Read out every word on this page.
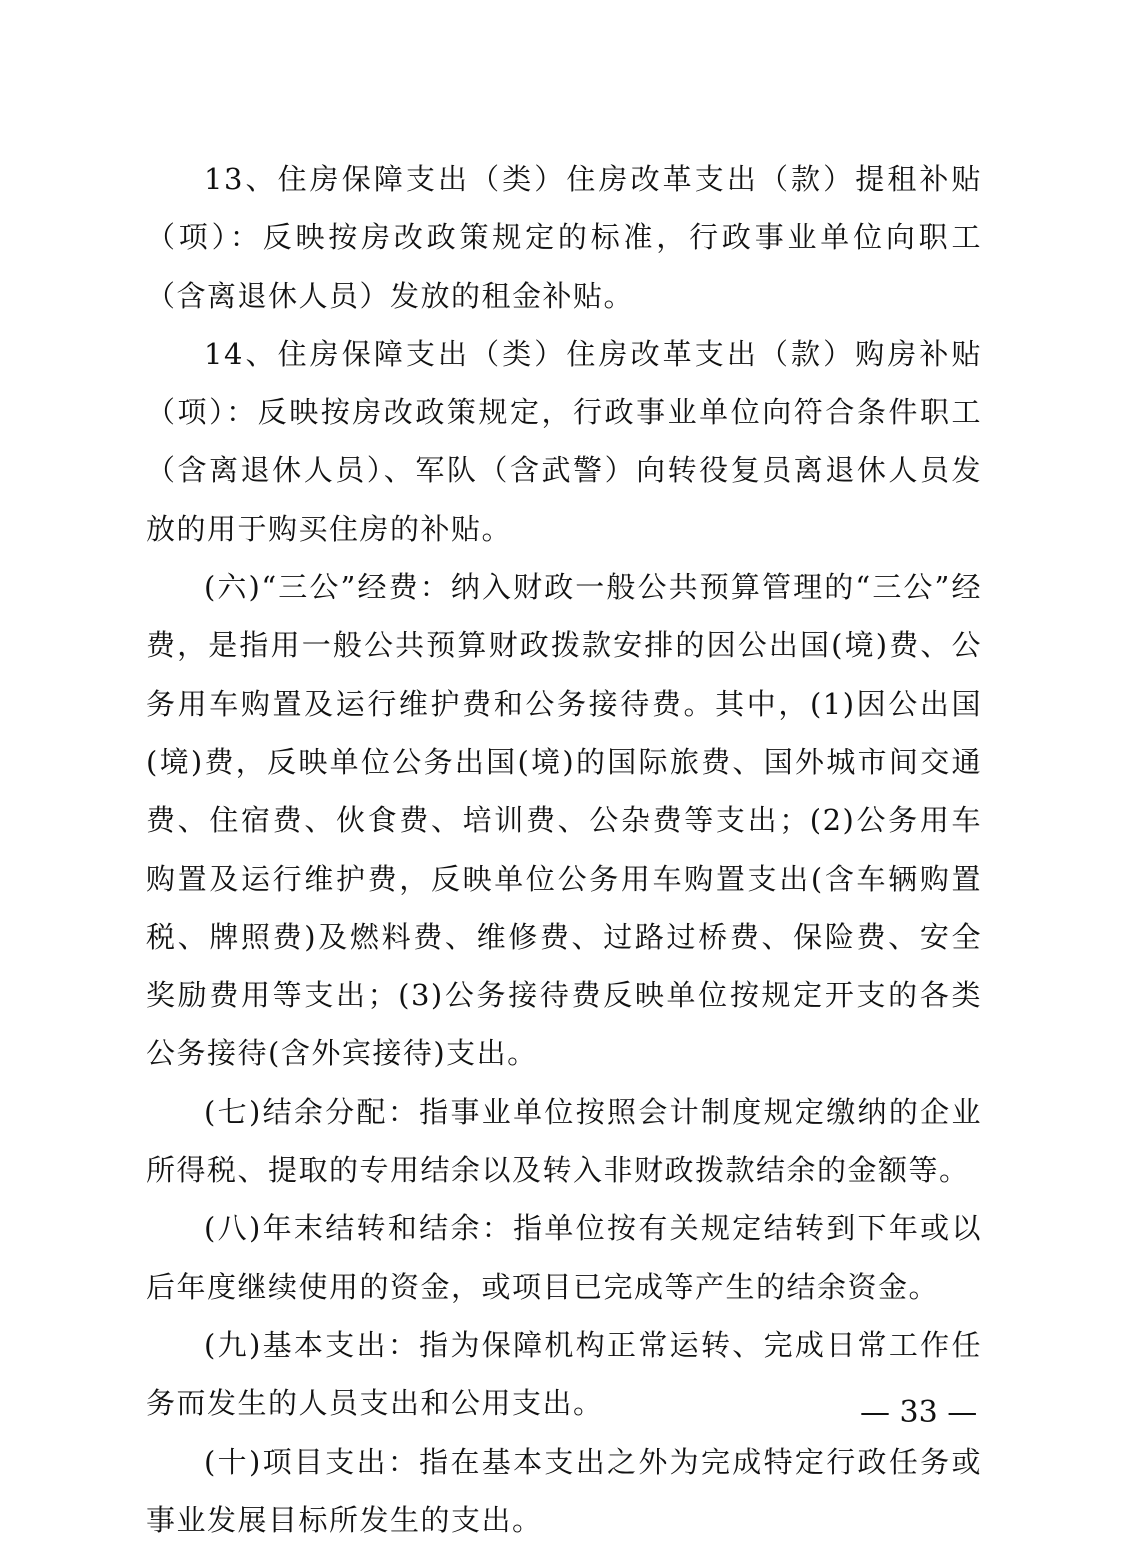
13、住房保障支出（类）住房改革支出（款）提租补贴（项）：反映按房改政策规定的标准，行政事业单位向职工（含离退休人员）发放的租金补贴。

14、住房保障支出（类）住房改革支出（款）购房补贴（项）：反映按房改政策规定，行政事业单位向符合条件职工（含离退休人员）、军队（含武警）向转役复员离退休人员发放的用于购买住房的补贴。

(六)“三公”经费：纳入财政一般公共预算管理的“三公”经费，是指用一般公共预算财政拨款安排的因公出国(境)费、公务用车购置及运行维护费和公务接待费。其中，(1)因公出国(境)费，反映单位公务出国(境)的国际旅费、国外城市间交通费、住宿费、伙食费、培训费、公杂费等支出；(2)公务用车购置及运行维护费，反映单位公务用车购置支出(含车辆购置税、牌照费)及燃料费、维修费、过路过桥费、保险费、安全奖励费用等支出；(3)公务接待费反映单位按规定开支的各类公务接待(含外宾接待)支出。

(七)结余分配：指事业单位按照会计制度规定缴纳的企业所得税、提取的专用结余以及转入非财政拨款结余的金额等。

(八)年末结转和结余：指单位按有关规定结转到下年或以后年度继续使用的资金，或项目已完成等产生的结余资金。

(九)基本支出：指为保障机构正常运转、完成日常工作任务而发生的人员支出和公用支出。

(十)项目支出：指在基本支出之外为完成特定行政任务或事业发展目标所发生的支出。

— 33 —
